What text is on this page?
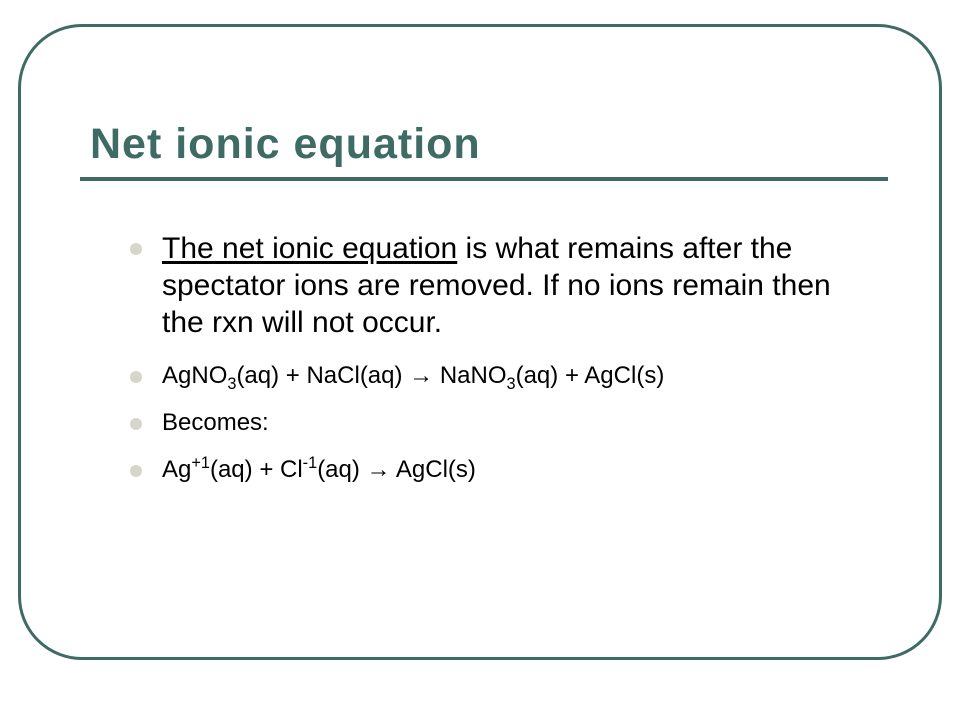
Net ionic equation
The net ionic equation is what remains after the spectator ions are removed. If no ions remain then the rxn will not occur.
AgNO$_3$(aq) + NaCl(aq) → NaNO$_3$(aq) + AgCl(s)
Becomes:
$Ag^{+1}(aq) + Cl^{-1}(aq)$ → AgCl(s)
